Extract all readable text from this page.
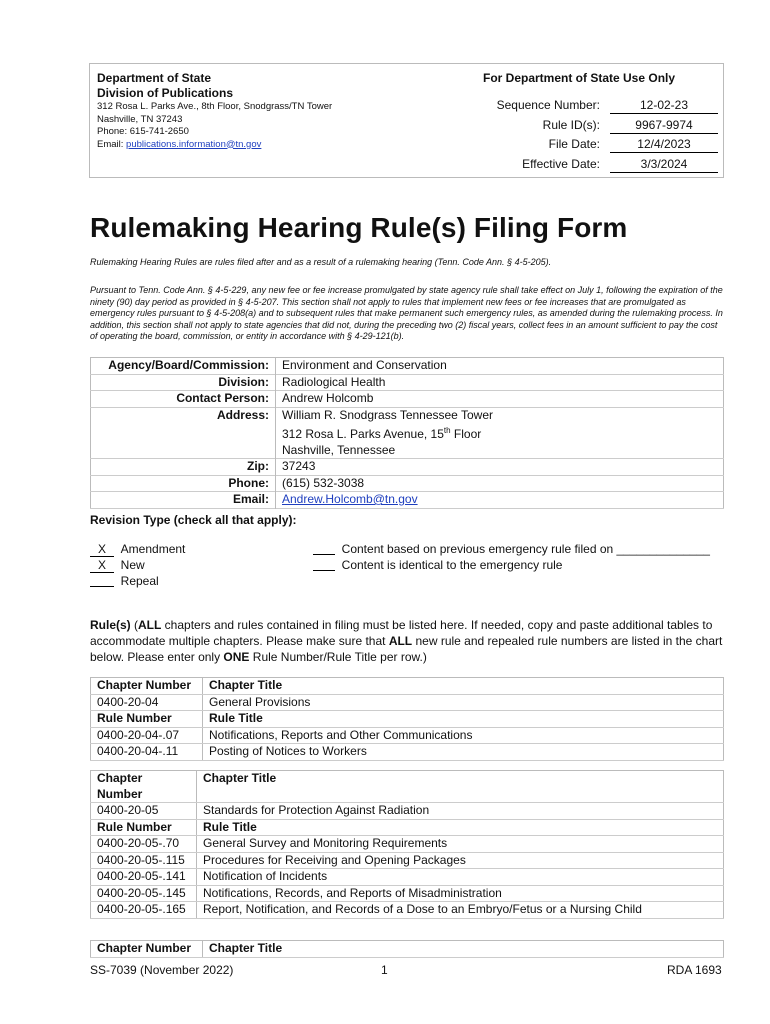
Department of State
Division of Publications
312 Rosa L. Parks Ave., 8th Floor, Snodgrass/TN Tower
Nashville, TN 37243
Phone: 615-741-2650
Email: publications.information@tn.gov
For Department of State Use Only
Sequence Number:	12-02-23
Rule ID(s):	9967-9974
File Date:	12/4/2023
Effective Date:	3/3/2024
Rulemaking Hearing Rule(s) Filing Form
Rulemaking Hearing Rules are rules filed after and as a result of a rulemaking hearing (Tenn. Code Ann. § 4-5-205).
Pursuant to Tenn. Code Ann. § 4-5-229, any new fee or fee increase promulgated by state agency rule shall take effect on July 1, following the expiration of the ninety (90) day period as provided in § 4-5-207. This section shall not apply to rules that implement new fees or fee increases that are promulgated as emergency rules pursuant to § 4-5-208(a) and to subsequent rules that make permanent such emergency rules, as amended during the rulemaking process. In addition, this section shall not apply to state agencies that did not, during the preceding two (2) fiscal years, collect fees in an amount sufficient to pay the cost of operating the board, commission, or entity in accordance with § 4-29-121(b).
Agency/Board/Commission:	Environment and Conservation
Division:	Radiological Health
Contact Person:	Andrew Holcomb
Address:	William R. Snodgrass Tennessee Tower
312 Rosa L. Parks Avenue, 15th Floor
Nashville, Tennessee

Zip:	37243
Phone:	(615) 532-3038
Email:	Andrew.Holcomb@tn.gov
Revision Type (check all that apply):
X Amendment
X New
Repeal
Content based on previous emergency rule filed on ______________
Content is identical to the emergency rule
Rule(s) (ALL chapters and rules contained in filing must be listed here. If needed, copy and paste additional tables to accommodate multiple chapters. Please make sure that ALL new rule and repealed rule numbers are listed in the chart below. Please enter only ONE Rule Number/Rule Title per row.)
Chapter Number	Chapter Title
0400-20-04	General Provisions
Rule Number	Rule Title
0400-20-04-.07	Notifications, Reports and Other Communications
0400-20-04-.11	Posting of Notices to Workers
Chapter
Number	Chapter Title
0400-20-05	Standards for Protection Against Radiation
Rule Number	Rule Title
0400-20-05-.70	General Survey and Monitoring Requirements
0400-20-05-.115	Procedures for Receiving and Opening Packages
0400-20-05-.141	Notification of Incidents
0400-20-05-.145	Notifications, Records, and Reports of Misadministration
0400-20-05-.165	Report, Notification, and Records of a Dose to an Embryo/Fetus or a Nursing Child
Chapter Number	Chapter Title
SS-7039 (November 2022)	1	RDA 1693
